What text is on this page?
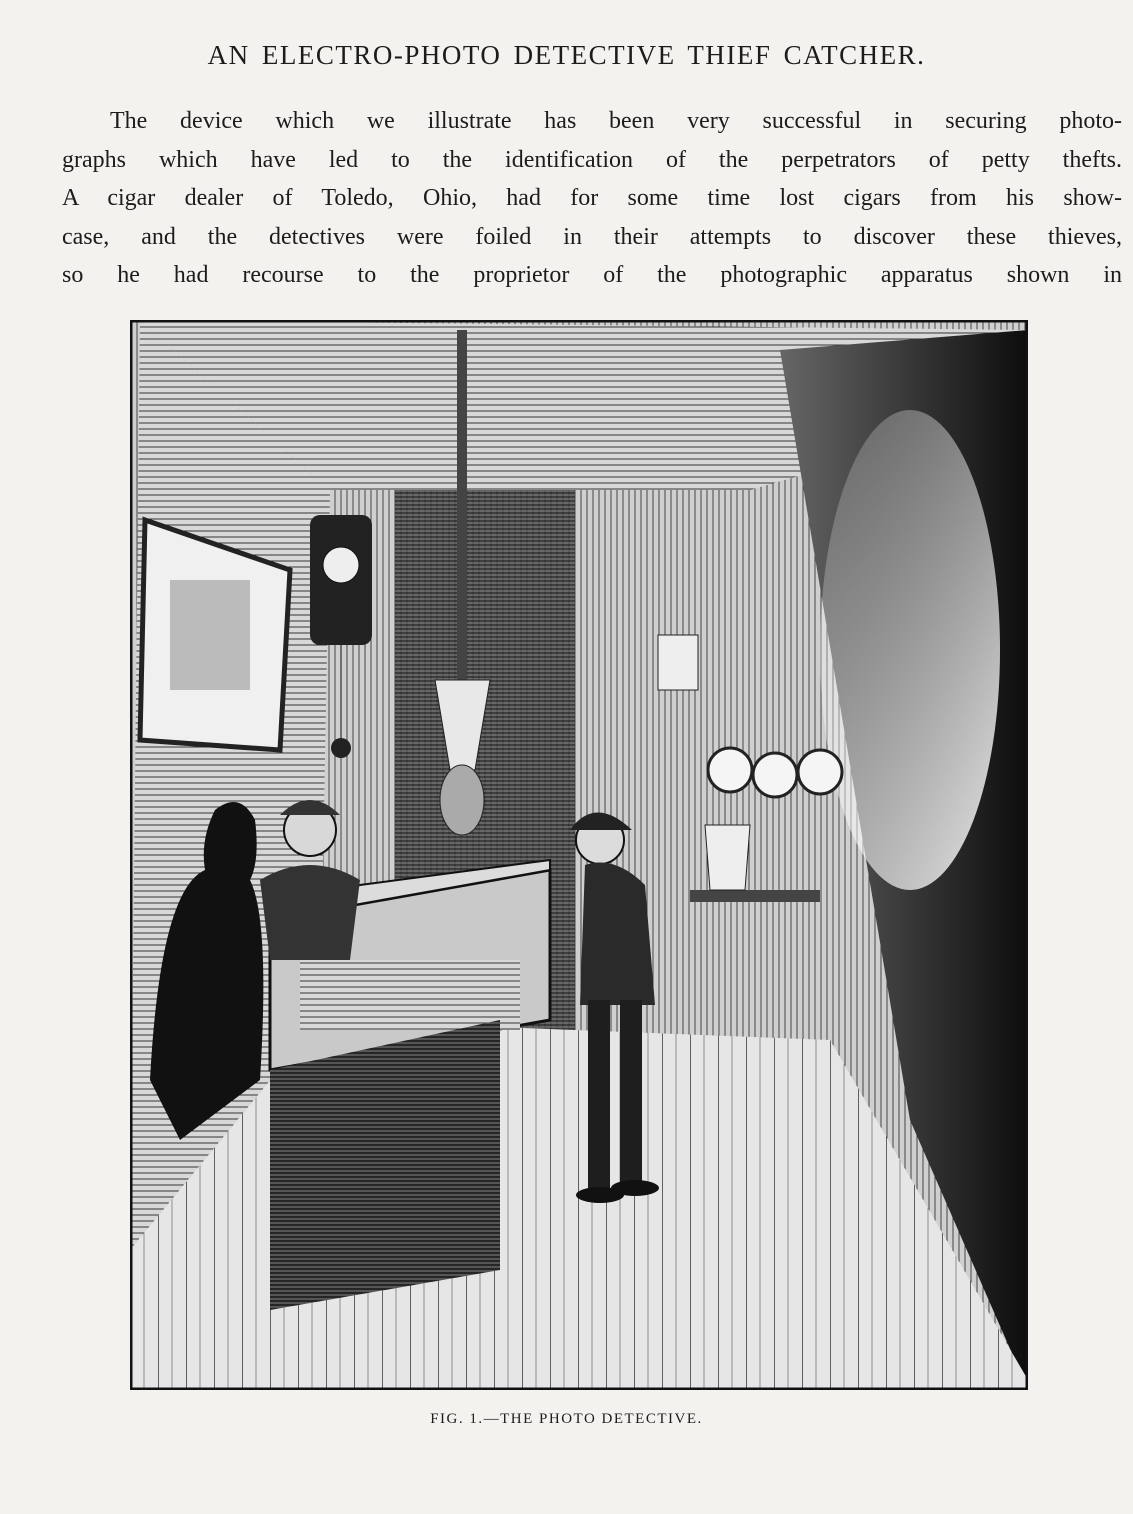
AN ELECTRO-PHOTO DETECTIVE THIEF CATCHER.
The device which we illustrate has been very successful in securing photo-
graphs which have led to the identification of the perpetrators of petty thefts.
A cigar dealer of Toledo, Ohio, had for some time lost cigars from his show-
case, and the detectives were foiled in their attempts to discover these thieves,
so he had recourse to the proprietor of the photographic apparatus shown in
FIG. 1.—THE PHOTO DETECTIVE.
